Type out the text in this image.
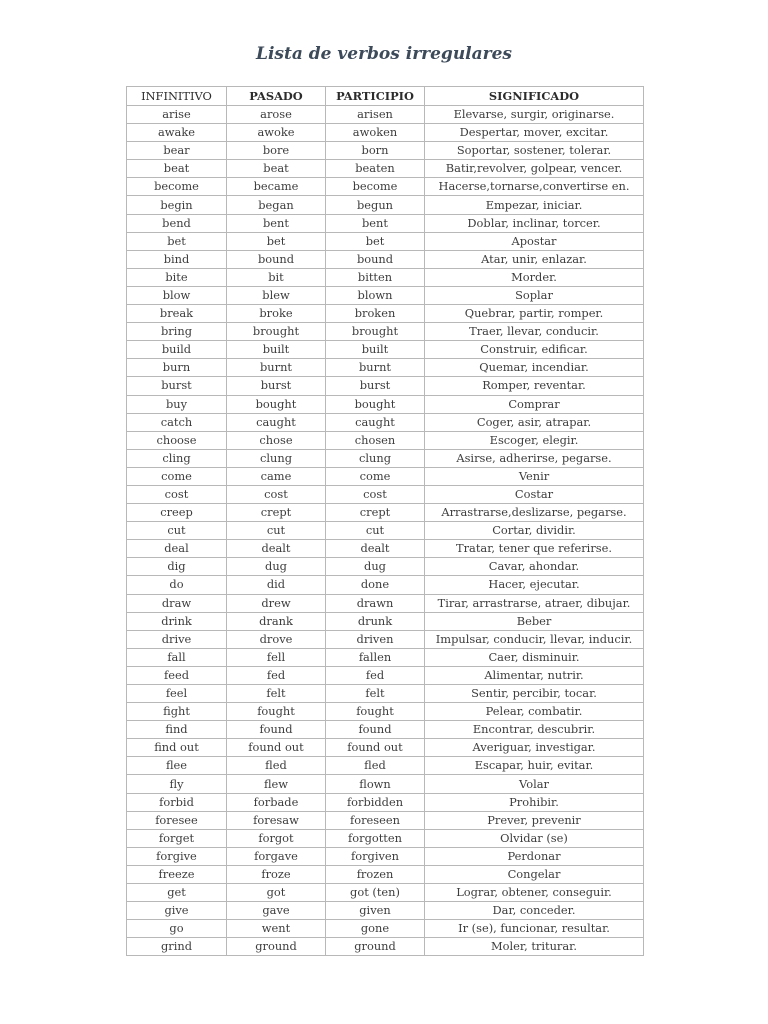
Lista de verbos irregulares
INFINITIVO	PASADO	PARTICIPIO	SIGNIFICADO
arise	arose	arisen	Elevarse, surgir, originarse.
awake	awoke	awoken	Despertar, mover, excitar.
bear	bore	born	Soportar, sostener, tolerar.
beat	beat	beaten	Batir,revolver, golpear, vencer.
become	became	become	Hacerse,tornarse,convertirse en.
begin	began	begun	Empezar, iniciar.
bend	bent	bent	Doblar, inclinar, torcer.
bet	bet	bet	Apostar
bind	bound	bound	Atar, unir, enlazar.
bite	bit	bitten	Morder.
blow	blew	blown	Soplar
break	broke	broken	Quebrar, partir, romper.
bring	brought	brought	Traer, llevar, conducir.
build	built	built	Construir, edificar.
burn	burnt	burnt	Quemar, incendiar.
burst	burst	burst	Romper, reventar.
buy	bought	bought	Comprar
catch	caught	caught	Coger, asir, atrapar.
choose	chose	chosen	Escoger, elegir.
cling	clung	clung	Asirse, adherirse, pegarse.
come	came	come	Venir
cost	cost	cost	Costar
creep	crept	crept	Arrastrarse,deslizarse, pegarse.
cut	cut	cut	Cortar, dividir.
deal	dealt	dealt	Tratar, tener que referirse.
dig	dug	dug	Cavar, ahondar.
do	did	done	Hacer, ejecutar.
draw	drew	drawn	Tirar, arrastrarse, atraer, dibujar.
drink	drank	drunk	Beber
drive	drove	driven	Impulsar, conducir, llevar, inducir.
fall	fell	fallen	Caer, disminuir.
feed	fed	fed	Alimentar, nutrir.
feel	felt	felt	Sentir, percibir, tocar.
fight	fought	fought	Pelear, combatir.
find	found	found	Encontrar, descubrir.
find out	found out	found out	Averiguar, investigar.
flee	fled	fled	Escapar, huir, evitar.
fly	flew	flown	Volar
forbid	forbade	forbidden	Prohibir.
foresee	foresaw	foreseen	Prever, prevenir
forget	forgot	forgotten	Olvidar (se)
forgive	forgave	forgiven	Perdonar
freeze	froze	frozen	Congelar
get	got	got (ten)	Lograr, obtener, conseguir.
give	gave	given	Dar, conceder.
go	went	gone	Ir (se), funcionar, resultar.
grind	ground	ground	Moler, triturar.
